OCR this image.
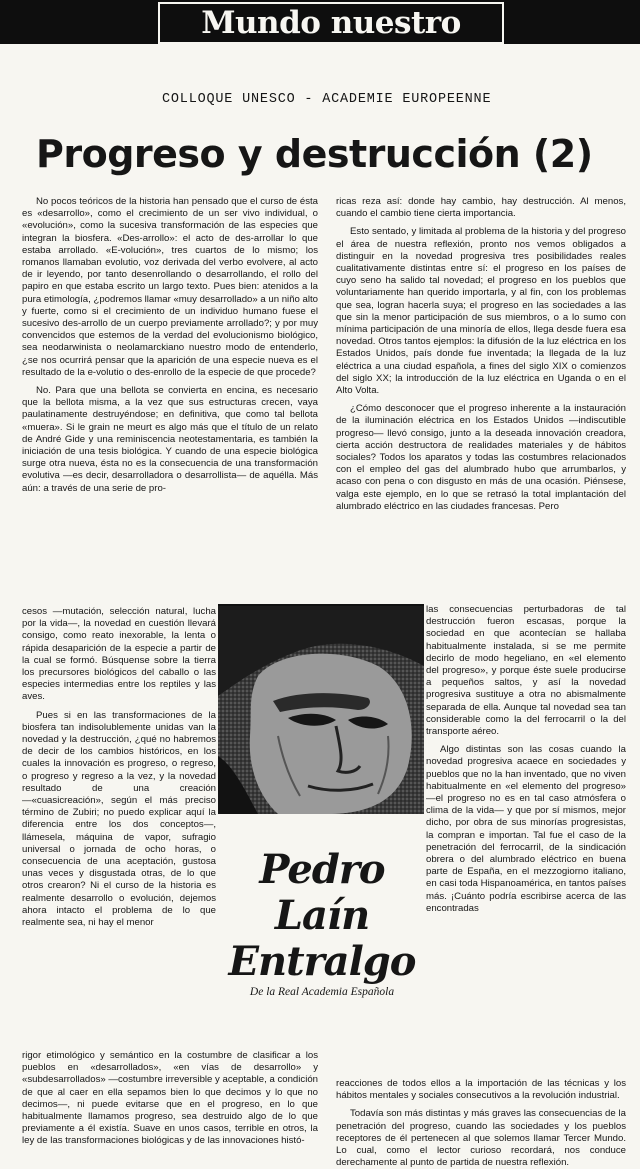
Mundo nuestro
COLLOQUE UNESCO - ACADEMIE EUROPEENNE
Progreso y destrucción (2)

No pocos teóricos de la historia han pensado que el curso de ésta es «desarrollo», como el crecimiento de un ser vivo individual, o «evolución», como la sucesiva transformación de las especies que integran la biosfera. «Des-arrollo»: el acto de des-arrollar lo que estaba arrollado. «E-volución», tres cuartos de lo mismo; los romanos llamaban evolutio, voz derivada del verbo evolvere, al acto de ir leyendo, por tanto desenrollando o desarrollando, el rollo del papiro en que estaba escrito un largo texto. Pues bien: atenidos a la pura etimología, ¿podremos llamar «muy desarrollado» a un niño alto y fuerte, como si el crecimiento de un individuo humano fuese el sucesivo des-arrollo de un cuerpo previamente arrollado?; y por muy convencidos que estemos de la verdad del evolucionismo biológico, sea neodarwinista o neolamarckiano nuestro modo de entenderlo, ¿se nos ocurrirá pensar que la aparición de una especie nueva es el resultado de la e-volutio o des-enrollo de la especie de que procede?

No. Para que una bellota se convierta en encina, es necesario que la bellota misma, a la vez que sus estructuras crecen, vaya paulatinamente destruyéndose; en definitiva, que como tal bellota «muera». Si le grain ne meurt es algo más que el título de un relato de André Gide y una reminiscencia neotestamentaria, es también la iniciación de una tesis biológica. Y cuando de una especie biológica surge otra nueva, ésta no es la consecuencia de una transformación evolutiva —es decir, desarrolladora o desarrollista— de aquélla. Más aún: a través de una serie de pro-

cesos —mutación, selección natural, lucha por la vida—, la novedad en cuestión llevará consigo, como reato inexorable, la lenta o rápida desaparición de la especie a partir de la cual se formó. Búsquense sobre la tierra los precursores biológicos del caballo o las especies intermedias entre los reptiles y las aves.

Pues si en las transformaciones de la biosfera tan indisolublemente unidas van la novedad y la destrucción, ¿qué no habremos de decir de los cambios históricos, en los cuales la innovación es progreso, o regreso, o progreso y regreso a la vez, y la novedad resultado de una creación —«cuasicreación», según el más preciso término de Zubiri; no puedo explicar aquí la diferencia entre los dos conceptos—, llámesela, máquina de vapor, sufragio universal o jornada de ocho horas, o consecuencia de una aceptación, gustosa unas veces y disgustada otras, de lo que otros crearon? Ni el curso de la historia es realmente desarrollo o evolución, dejemos ahora intacto el problema de lo que realmente sea, ni hay el menor

rigor etimológico y semántico en la costumbre de clasificar a los pueblos en «desarrollados», «en vías de desarrollo» y «subdesarrollados» —costumbre irreversible y aceptable, a condición de que al caer en ella sepamos bien lo que decimos y lo que no decimos—, ni puede evitarse que en el progreso, en lo que habitualmente llamamos progreso, sea destruido algo de lo que previamente a él existía. Suave en unos casos, terrible en otros, la ley de las transformaciones biológicas y de las innovaciones histó-

Pedro
Laín
Entralgo
De la Real Academia Española

ricas reza así: donde hay cambio, hay destrucción. Al menos, cuando el cambio tiene cierta importancia.

Esto sentado, y limitada al problema de la historia y del progreso el área de nuestra reflexión, pronto nos vemos obligados a distinguir en la novedad progresiva tres posibilidades reales cualitativamente distintas entre sí: el progreso en los países de cuyo seno ha salido tal novedad; el progreso en los pueblos que voluntariamente han querido importarla, y al fin, con los problemas que sea, logran hacerla suya; el progreso en las sociedades a las que sin la menor participación de sus miembros, o a lo sumo con mínima participación de una minoría de ellos, llega desde fuera esa novedad. Otros tantos ejemplos: la difusión de la luz eléctrica en los Estados Unidos, país donde fue inventada; la llegada de la luz eléctrica a una ciudad española, a fines del siglo XIX o comienzos del siglo XX; la introducción de la luz eléctrica en Uganda o en el Alto Volta.

¿Cómo desconocer que el progreso inherente a la instauración de la iluminación eléctrica en los Estados Unidos —indiscutible progreso— llevó consigo, junto a la deseada innovación creadora, cierta acción destructora de realidades materiales y de hábitos sociales? Todos los aparatos y todas las costumbres relacionados con el empleo del gas del alumbrado hubo que arrumbarlos, y acaso con pena o con disgusto en más de una ocasión. Piénsese, valga este ejemplo, en lo que se retrasó la total implantación del alumbrado eléctrico en las ciudades francesas. Pero

las consecuencias perturbadoras de tal destrucción fueron escasas, porque la sociedad en que acontecían se hallaba habitualmente instalada, si se me permite decirlo de modo hegeliano, en «el elemento del progreso», y porque éste suele producirse a pequeños saltos, y así la novedad progresiva sustituye a otra no abismalmente separada de ella. Aunque tal novedad sea tan considerable como la del ferrocarril o la del transporte aéreo.

Algo distintas son las cosas cuando la novedad progresiva acaece en sociedades y pueblos que no la han inventado, que no viven habitualmente en «el elemento del progreso» —el progreso no es en tal caso atmósfera o clima de la vida— y que por sí mismos, mejor dicho, por obra de sus minorías progresistas, la compran e importan. Tal fue el caso de la penetración del ferrocarril, de la sindicación obrera o del alumbrado eléctrico en buena parte de España, en el mezzogiorno italiano, en casi toda Hispanoamérica, en tantos países más. ¡Cuánto podría escribirse acerca de las encontradas

reacciones de todos ellos a la importación de las técnicas y los hábitos mentales y sociales consecutivos a la revolución industrial.

Todavía son más distintas y más graves las consecuencias de la penetración del progreso, cuando las sociedades y los pueblos receptores de él pertenecen al que solemos llamar Tercer Mundo. Lo cual, como el lector curioso recordará, nos conduce derechamente al punto de partida de nuestra reflexión.
